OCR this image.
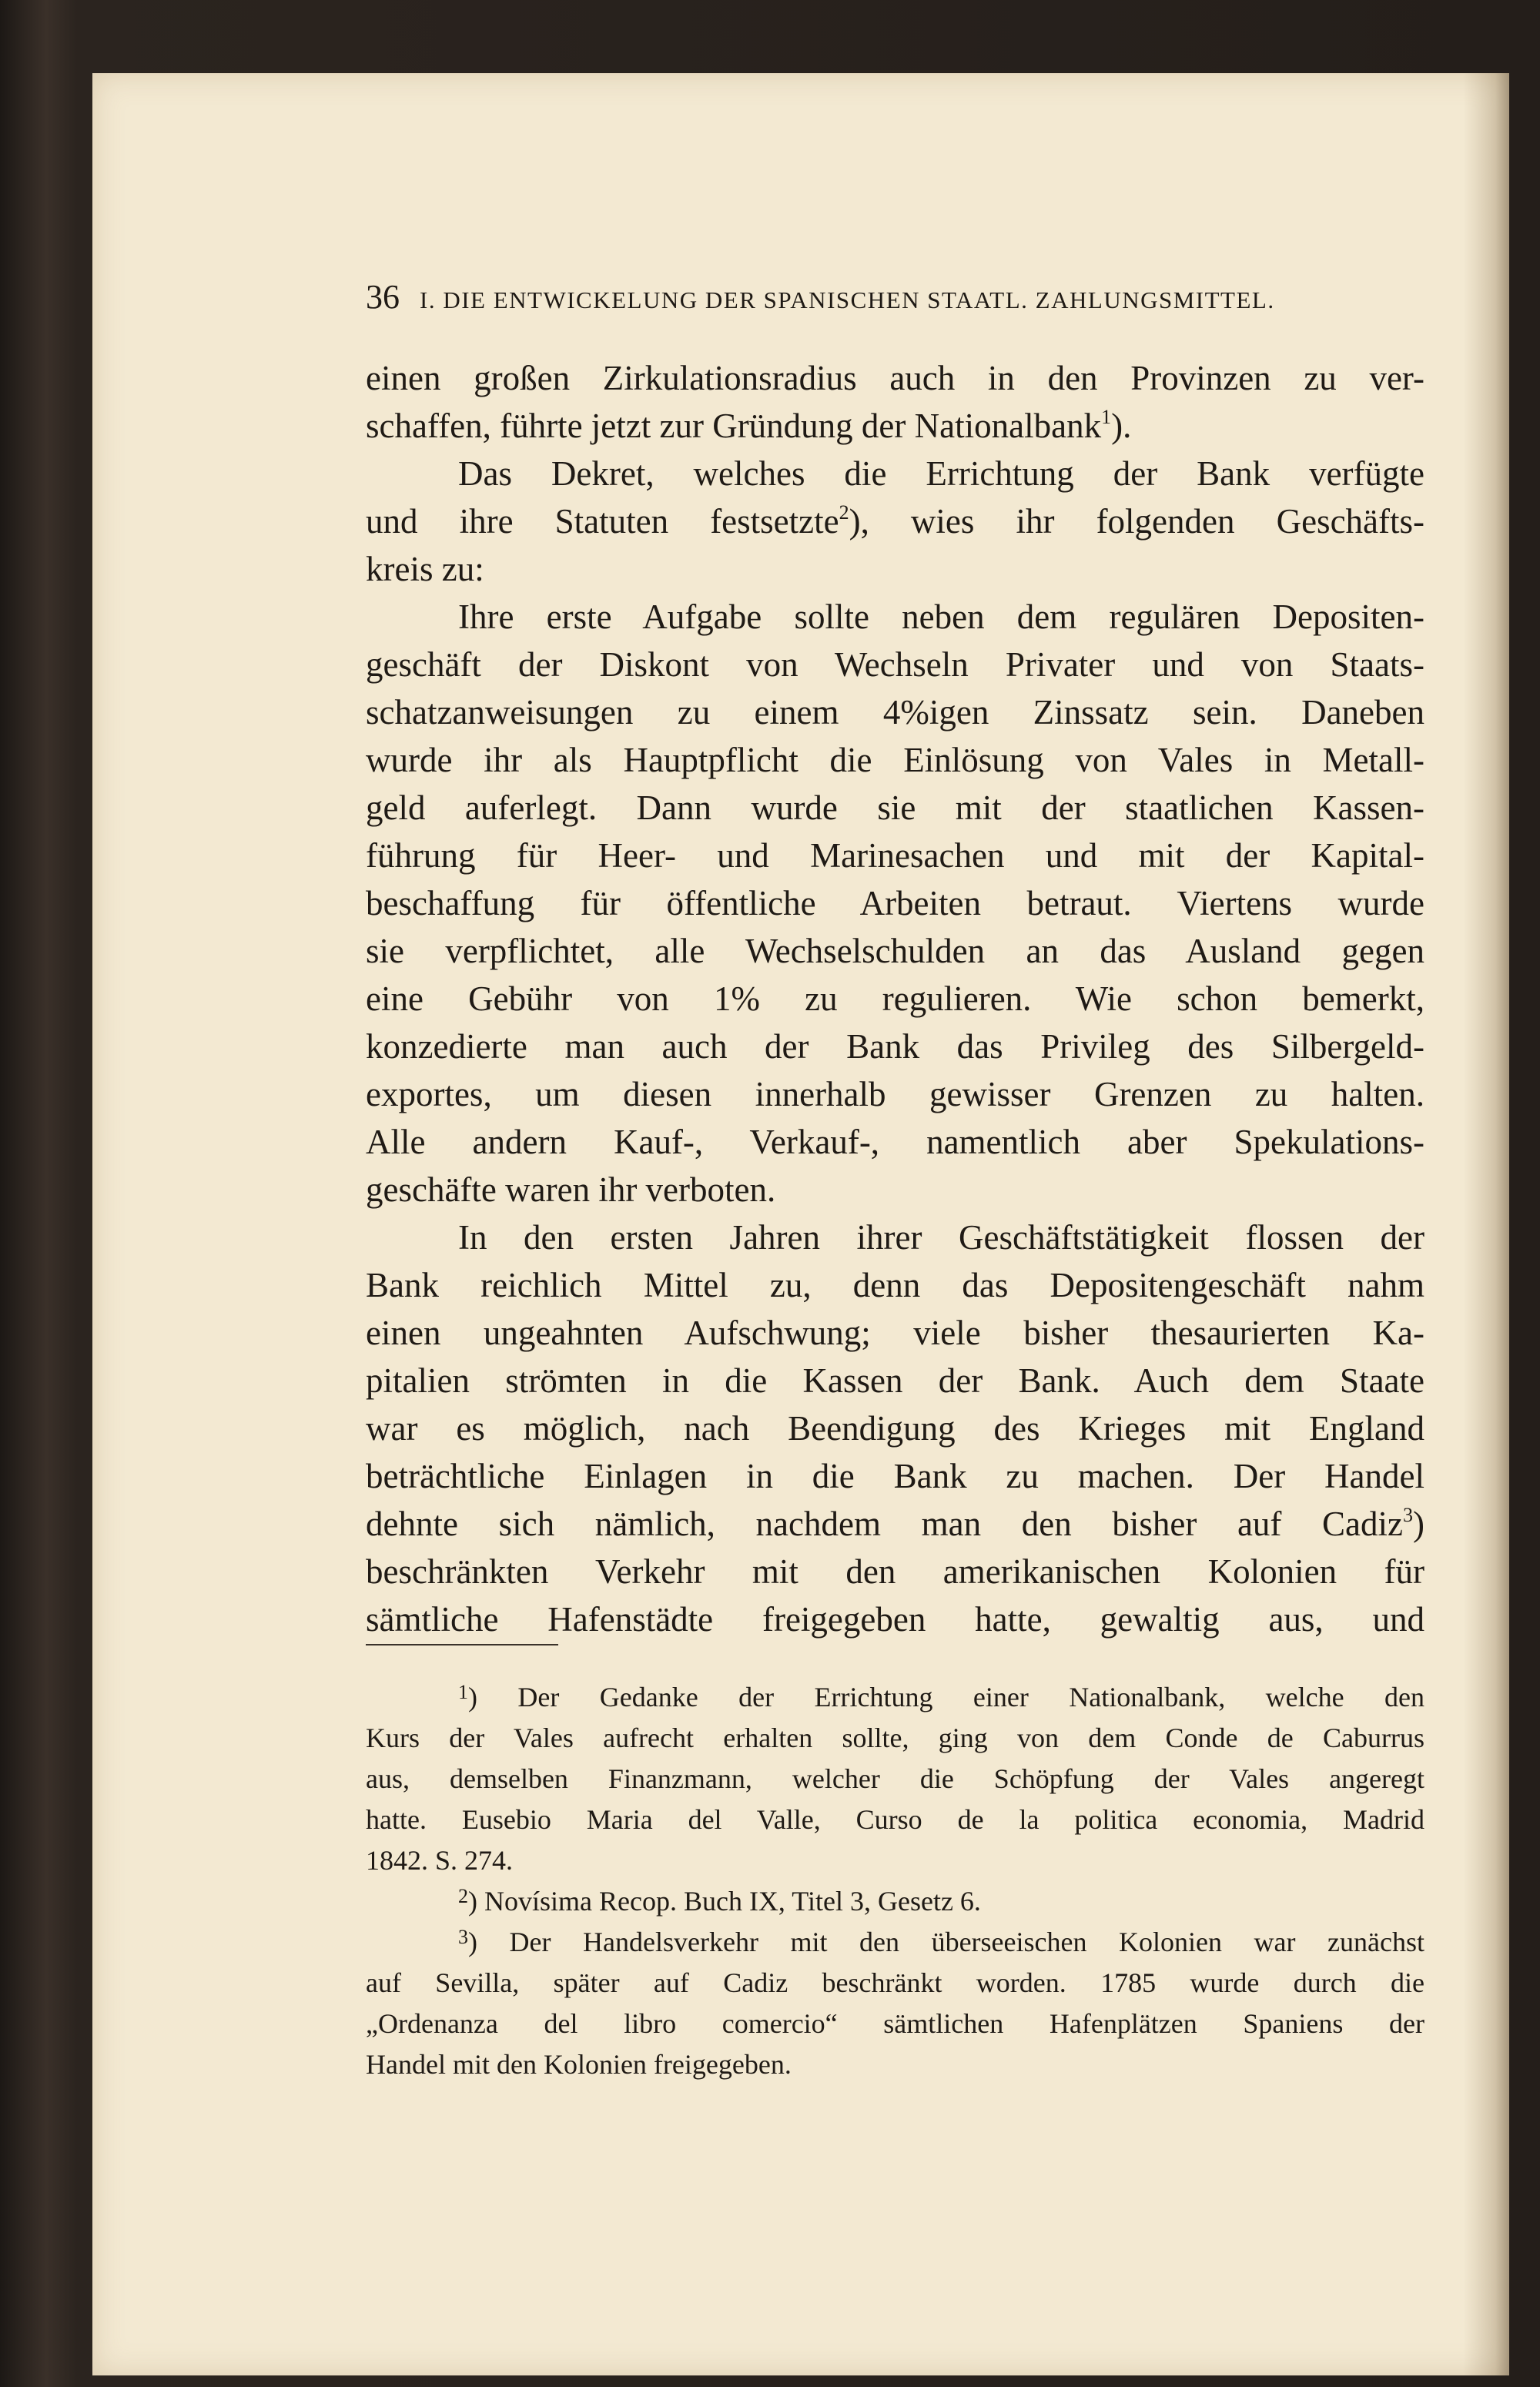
36 I. DIE ENTWICKELUNG DER SPANISCHEN STAATL. ZAHLUNGSMITTEL.
einen großen Zirkulationsradius auch in den Provinzen zu ver-
schaffen, führte jetzt zur Gründung der Nationalbank$^1$).
Das Dekret, welches die Errichtung der Bank verfügte
und ihre Statuten festsetzte$^2$), wies ihr folgenden Geschäfts-
kreis zu:
Ihre erste Aufgabe sollte neben dem regulären Depositen-
geschäft der Diskont von Wechseln Privater und von Staats-
schatzanweisungen zu einem 4%igen Zinssatz sein. Daneben
wurde ihr als Hauptpflicht die Einlösung von Vales in Metall-
geld auferlegt. Dann wurde sie mit der staatlichen Kassen-
führung für Heer- und Marinesachen und mit der Kapital-
beschaffung für öffentliche Arbeiten betraut. Viertens wurde
sie verpflichtet, alle Wechselschulden an das Ausland gegen
eine Gebühr von 1% zu regulieren. Wie schon bemerkt,
konzedierte man auch der Bank das Privileg des Silbergeld-
exportes, um diesen innerhalb gewisser Grenzen zu halten.
Alle andern Kauf-, Verkauf-, namentlich aber Spekulations-
geschäfte waren ihr verboten.
In den ersten Jahren ihrer Geschäftstätigkeit flossen der
Bank reichlich Mittel zu, denn das Depositengeschäft nahm
einen ungeahnten Aufschwung; viele bisher thesaurierten Ka-
pitalien strömten in die Kassen der Bank. Auch dem Staate
war es möglich, nach Beendigung des Krieges mit England
beträchtliche Einlagen in die Bank zu machen. Der Handel
dehnte sich nämlich, nachdem man den bisher auf Cadiz$^3$)
beschränkten Verkehr mit den amerikanischen Kolonien für
sämtliche Hafenstädte freigegeben hatte, gewaltig aus, und
$^1$) Der Gedanke der Errichtung einer Nationalbank, welche den
Kurs der Vales aufrecht erhalten sollte, ging von dem Conde de Caburrus
aus, demselben Finanzmann, welcher die Schöpfung der Vales angeregt
hatte. Eusebio Maria del Valle, Curso de la politica economia, Madrid
1842. S. 274.
$^2$) Novísima Recop. Buch IX, Titel 3, Gesetz 6.
$^3$) Der Handelsverkehr mit den überseeischen Kolonien war zunächst
auf Sevilla, später auf Cadiz beschränkt worden. 1785 wurde durch die
„Ordenanza del libro comercio“ sämtlichen Hafenplätzen Spaniens der
Handel mit den Kolonien freigegeben.
